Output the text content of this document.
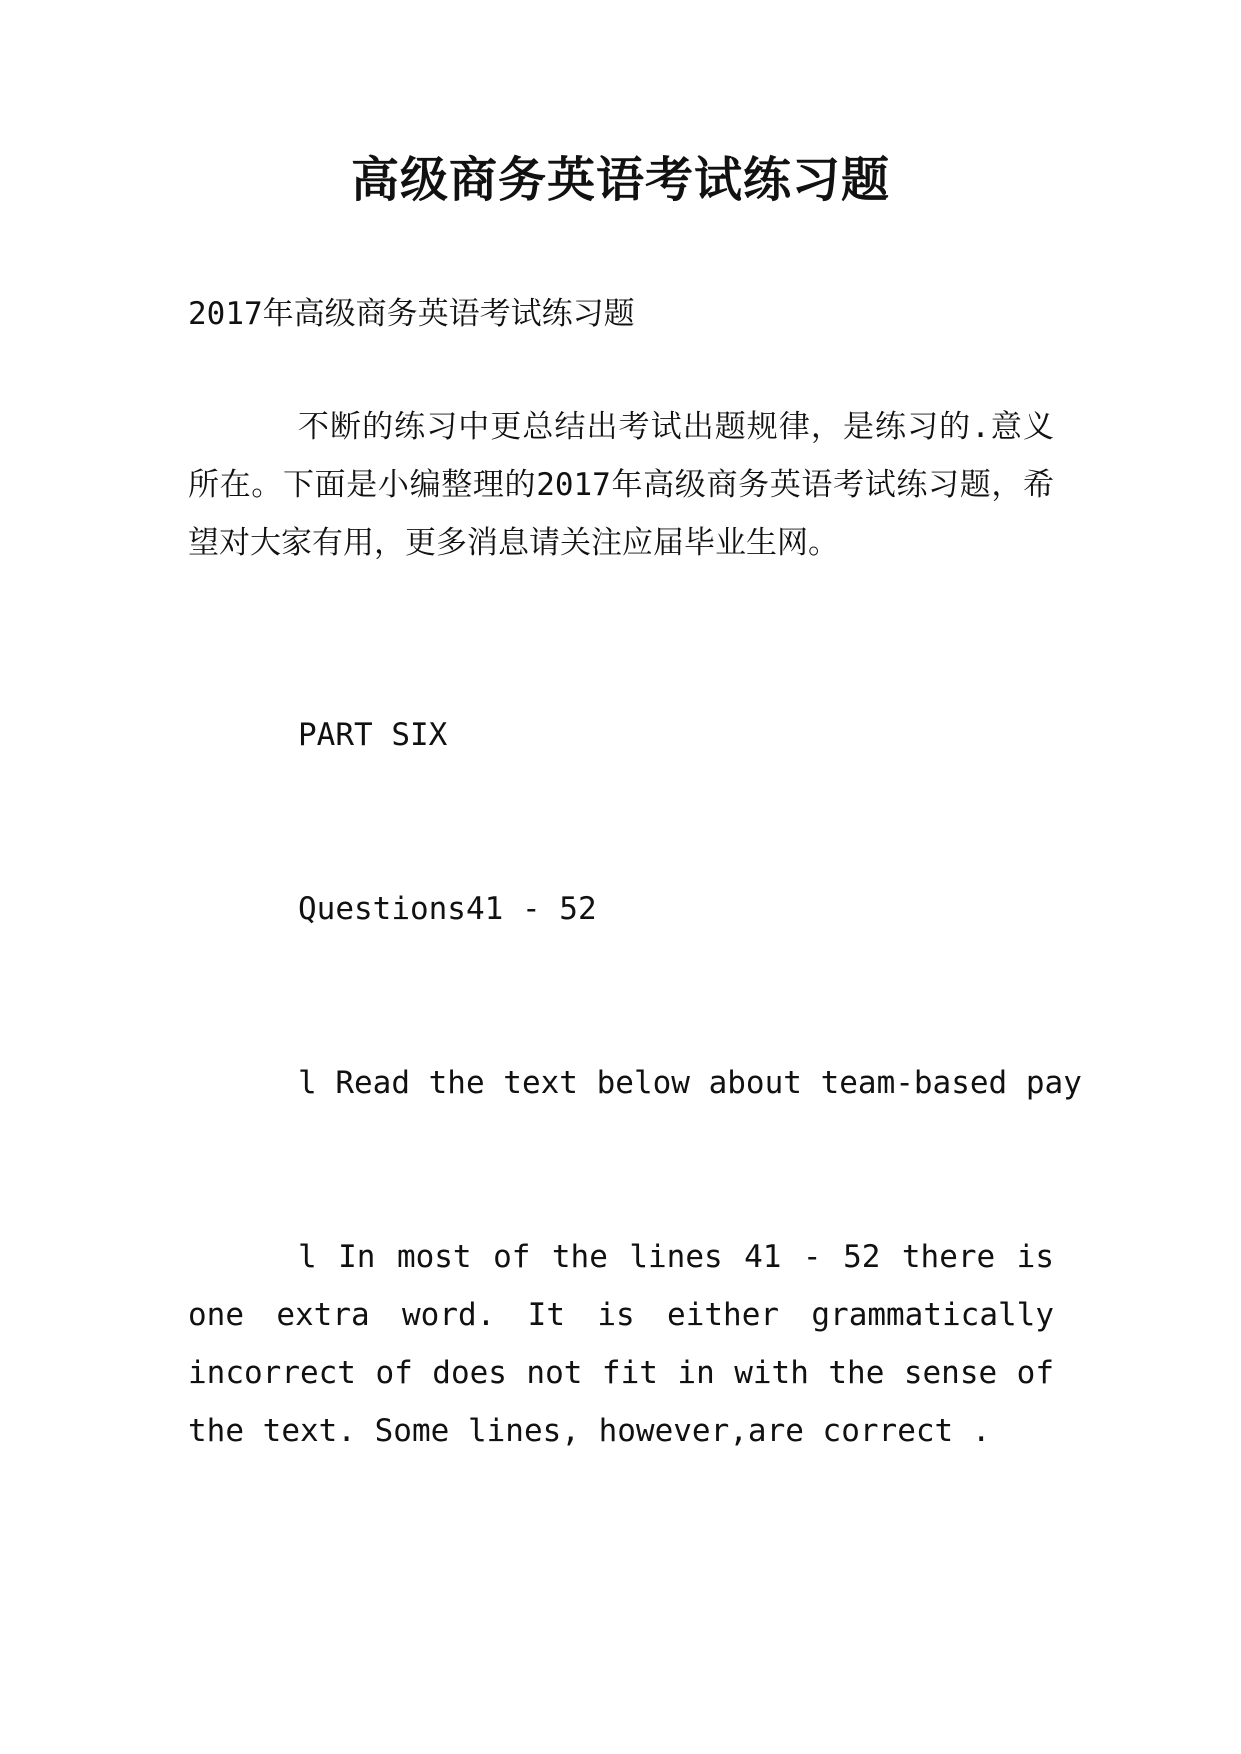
高级商务英语考试练习题
2017年高级商务英语考试练习题
不断的练习中更总结出考试出题规律，是练习的.意义所在。下面是小编整理的2017年高级商务英语考试练习题，希望对大家有用，更多消息请关注应届毕业生网。
PART SIX
Questions41 - 52
l Read the text below about team-based pay
l In most of the lines 41 - 52 there is one extra word. It is either grammatically incorrect of does not fit in with the sense of the text. Some lines, however,are correct .
